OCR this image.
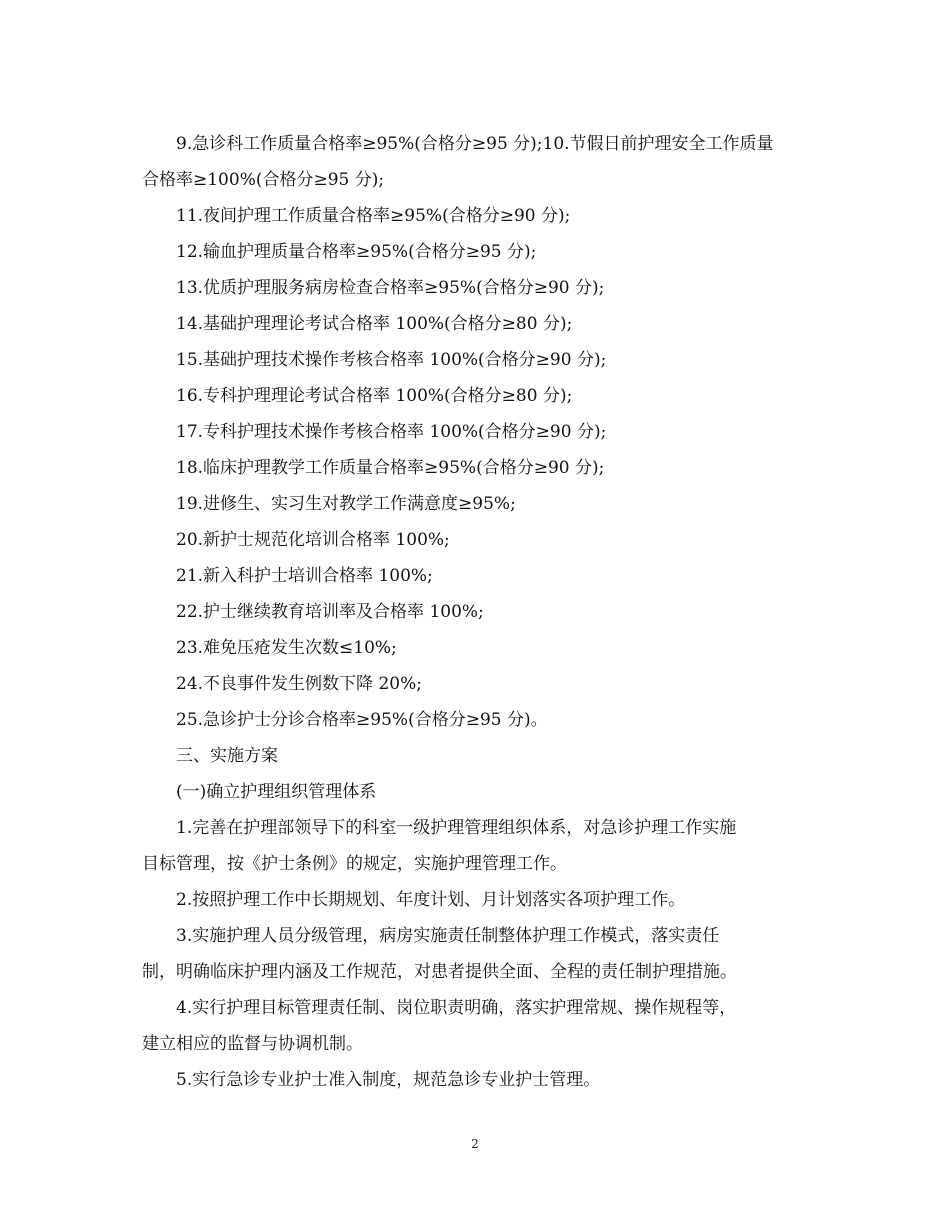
9.急诊科工作质量合格率≥95%(合格分≥95 分);10.节假日前护理安全工作质量

合格率≥100%(合格分≥95 分);

11.夜间护理工作质量合格率≥95%(合格分≥90 分);

12.输血护理质量合格率≥95%(合格分≥95 分);

13.优质护理服务病房检查合格率≥95%(合格分≥90 分);

14.基础护理理论考试合格率 100%(合格分≥80 分);

15.基础护理技术操作考核合格率 100%(合格分≥90 分);

16.专科护理理论考试合格率 100%(合格分≥80 分);

17.专科护理技术操作考核合格率 100%(合格分≥90 分);

18.临床护理教学工作质量合格率≥95%(合格分≥90 分);

19.进修生、实习生对教学工作满意度≥95%;

20.新护士规范化培训合格率 100%;

21.新入科护士培训合格率 100%;

22.护士继续教育培训率及合格率 100%;

23.难免压疮发生次数≤10%;

24.不良事件发生例数下降 20%;

25.急诊护士分诊合格率≥95%(合格分≥95 分)。

三、实施方案

(一)确立护理组织管理体系

1.完善在护理部领导下的科室一级护理管理组织体系，对急诊护理工作实施

目标管理，按《护士条例》的规定，实施护理管理工作。

2.按照护理工作中长期规划、年度计划、月计划落实各项护理工作。

3.实施护理人员分级管理，病房实施责任制整体护理工作模式，落实责任

制，明确临床护理内涵及工作规范，对患者提供全面、全程的责任制护理措施。

4.实行护理目标管理责任制、岗位职责明确，落实护理常规、操作规程等，

建立相应的监督与协调机制。

5.实行急诊专业护士准入制度，规范急诊专业护士管理。

2
